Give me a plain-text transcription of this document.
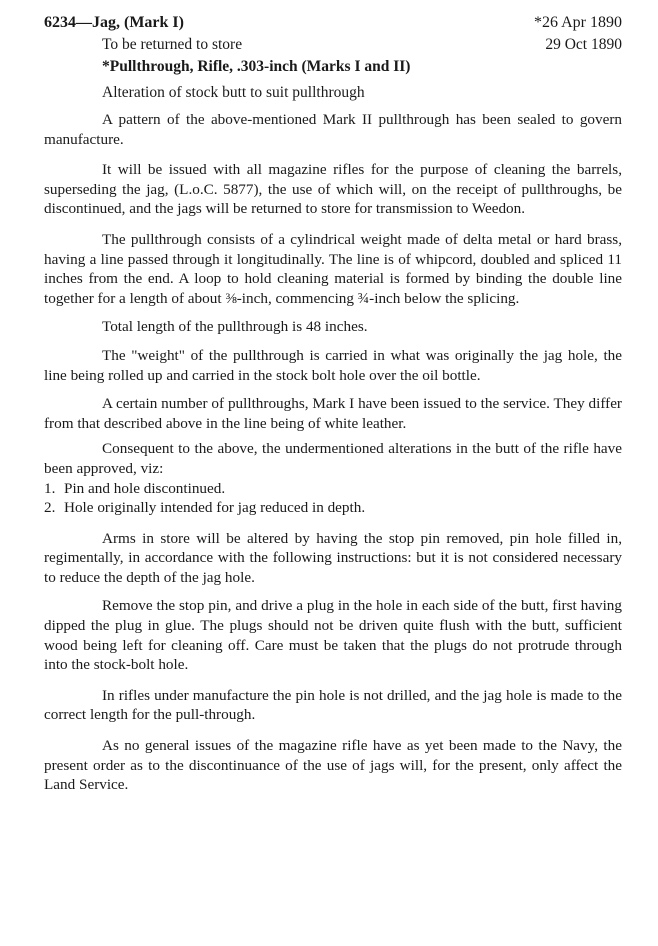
6234—Jag, (Mark I)	*26 Apr 1890
To be returned to store	29 Oct 1890
*Pullthrough, Rifle, .303-inch (Marks I and II)
Alteration of stock butt to suit pullthrough

A pattern of the above-mentioned Mark II pullthrough has been sealed to govern manufacture.

It will be issued with all magazine rifles for the purpose of cleaning the barrels, superseding the jag, (L.o.C. 5877), the use of which will, on the receipt of pullthroughs, be discontinued, and the jags will be returned to store for transmission to Weedon.

The pullthrough consists of a cylindrical weight made of delta metal or hard brass, having a line passed through it longitudinally. The line is of whipcord, doubled and spliced 11 inches from the end. A loop to hold cleaning material is formed by binding the double line together for a length of about ⅜-inch, commencing ¾-inch below the splicing.

Total length of the pullthrough is 48 inches.

The "weight" of the pullthrough is carried in what was originally the jag hole, the line being rolled up and carried in the stock bolt hole over the oil bottle.

A certain number of pullthroughs, Mark I have been issued to the service. They differ from that described above in the line being of white leather.

Consequent to the above, the undermentioned alterations in the butt of the rifle have been approved, viz:

1. Pin and hole discontinued.
2. Hole originally intended for jag reduced in depth.

Arms in store will be altered by having the stop pin removed, pin hole filled in, regimentally, in accordance with the following instructions: but it is not considered necessary to reduce the depth of the jag hole.

Remove the stop pin, and drive a plug in the hole in each side of the butt, first having dipped the plug in glue. The plugs should not be driven quite flush with the butt, sufficient wood being left for cleaning off. Care must be taken that the plugs do not protrude through into the stock-bolt hole.

In rifles under manufacture the pin hole is not drilled, and the jag hole is made to the correct length for the pull-through.

As no general issues of the magazine rifle have as yet been made to the Navy, the present order as to the discontinuance of the use of jags will, for the present, only affect the Land Service.
